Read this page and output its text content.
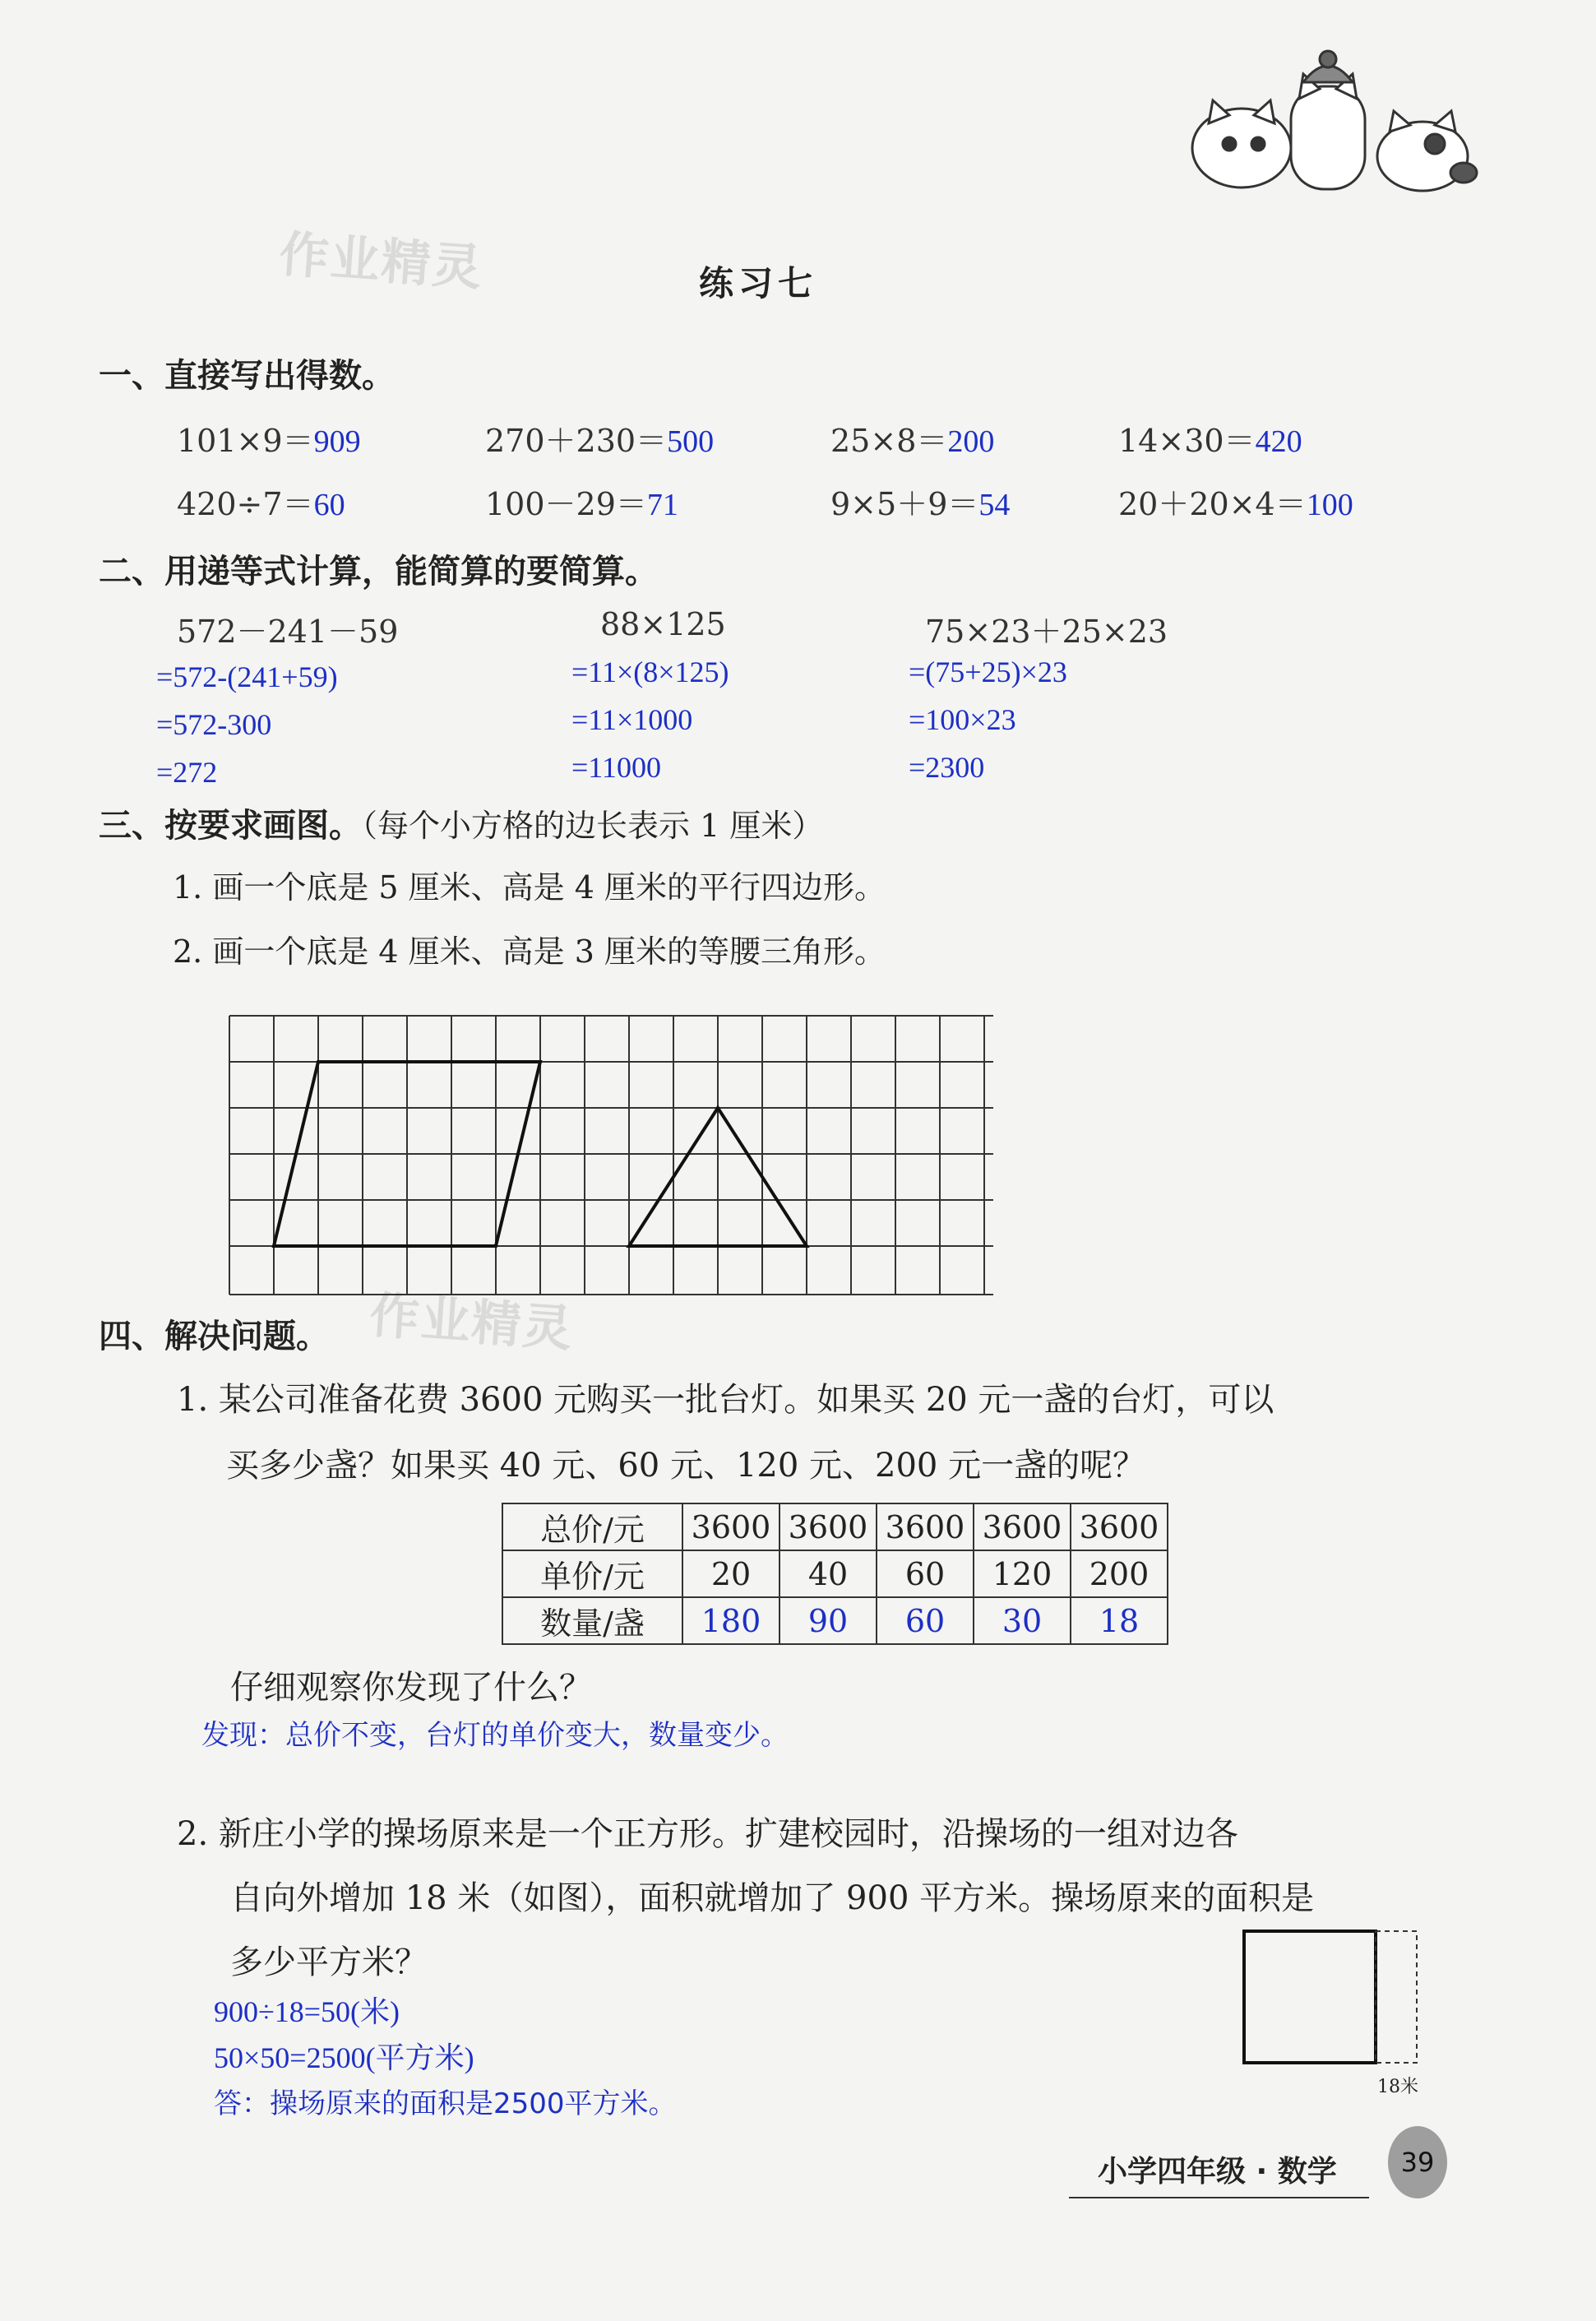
作业精灵
作业精灵
练习七
一、直接写出得数。
101×9＝909	270＋230＝500	25×8＝200	14×30＝420
420÷7＝60	100－29＝71	9×5＋9＝54	20＋20×4＝100
二、用递等式计算，能简算的要简算。
572－241－59
=572-(241+59)
=572-300
=272
88×125
=11×(8×125)
=11×1000
=11000
75×23＋25×23
=(75+25)×23
=100×23
=2300
三、按要求画图。（每个小方格的边长表示 1 厘米）
1. 画一个底是 5 厘米、高是 4 厘米的平行四边形。
2. 画一个底是 4 厘米、高是 3 厘米的等腰三角形。
四、解决问题。
1. 某公司准备花费 3600 元购买一批台灯。如果买 20 元一盏的台灯，可以
买多少盏？如果买 40 元、60 元、120 元、200 元一盏的呢？
总价/元	3600	3600	3600	3600	3600
单价/元	20	40	60	120	200
数量/盏	180	90	60	30	18
仔细观察你发现了什么？
发现：总价不变，台灯的单价变大，数量变少。
2. 新庄小学的操场原来是一个正方形。扩建校园时，沿操场的一组对边各
自向外增加 18 米（如图），面积就增加了 900 平方米。操场原来的面积是
多少平方米？
900÷18=50(米)
50×50=2500(平方米)
答：操场原来的面积是2500平方米。
18米
小学四年级 · 数学	39
